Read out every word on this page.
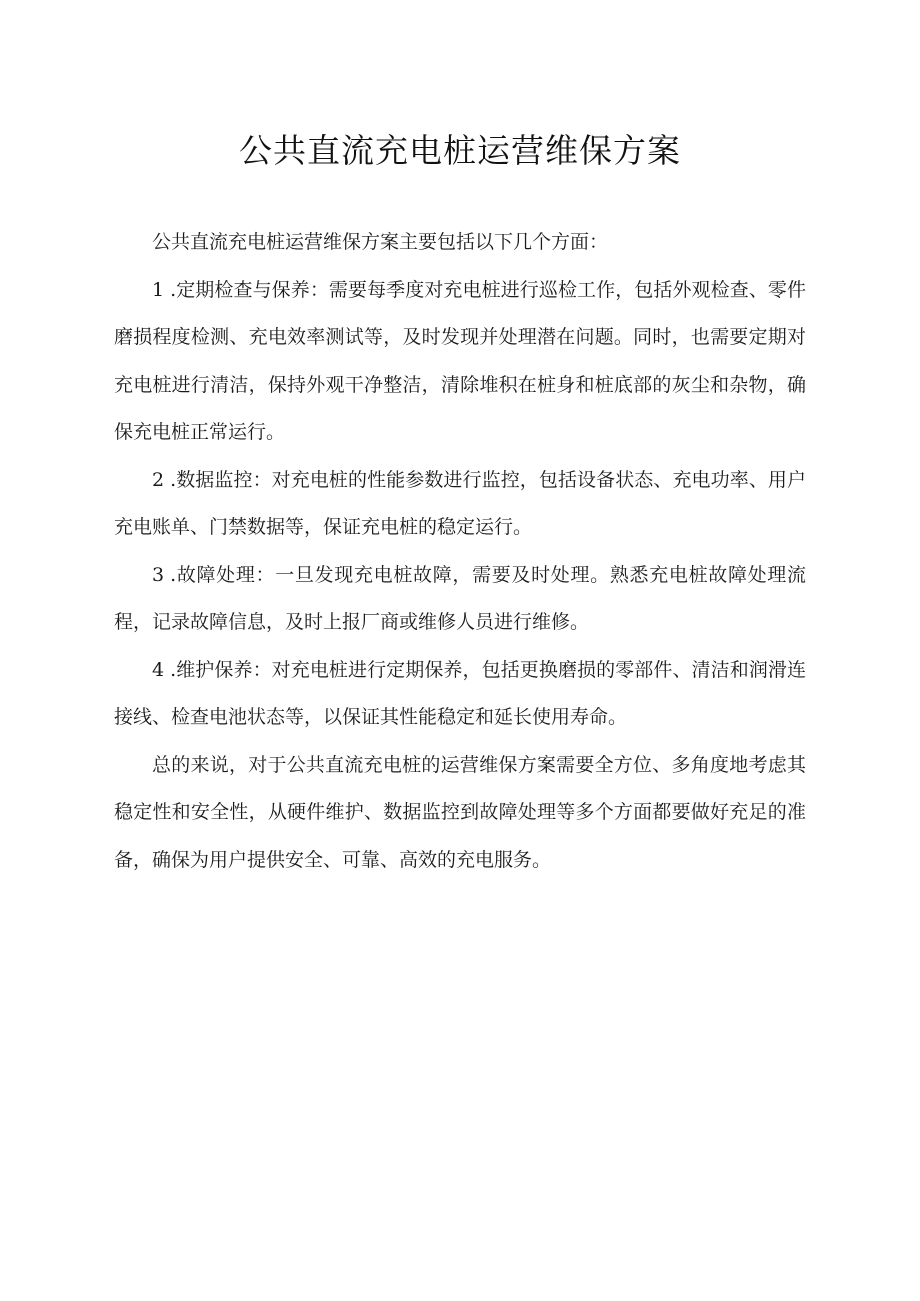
公共直流充电桩运营维保方案

公共直流充电桩运营维保方案主要包括以下几个方面：

1 .定期检查与保养：需要每季度对充电桩进行巡检工作，包括外观检查、零件磨损程度检测、充电效率测试等，及时发现并处理潜在问题。同时，也需要定期对充电桩进行清洁，保持外观干净整洁，清除堆积在桩身和桩底部的灰尘和杂物，确保充电桩正常运行。

2 .数据监控：对充电桩的性能参数进行监控，包括设备状态、充电功率、用户充电账单、门禁数据等，保证充电桩的稳定运行。

3 .故障处理：一旦发现充电桩故障，需要及时处理。熟悉充电桩故障处理流程，记录故障信息，及时上报厂商或维修人员进行维修。

4 .维护保养：对充电桩进行定期保养，包括更换磨损的零部件、清洁和润滑连接线、检查电池状态等，以保证其性能稳定和延长使用寿命。

总的来说，对于公共直流充电桩的运营维保方案需要全方位、多角度地考虑其稳定性和安全性，从硬件维护、数据监控到故障处理等多个方面都要做好充足的准备，确保为用户提供安全、可靠、高效的充电服务。
